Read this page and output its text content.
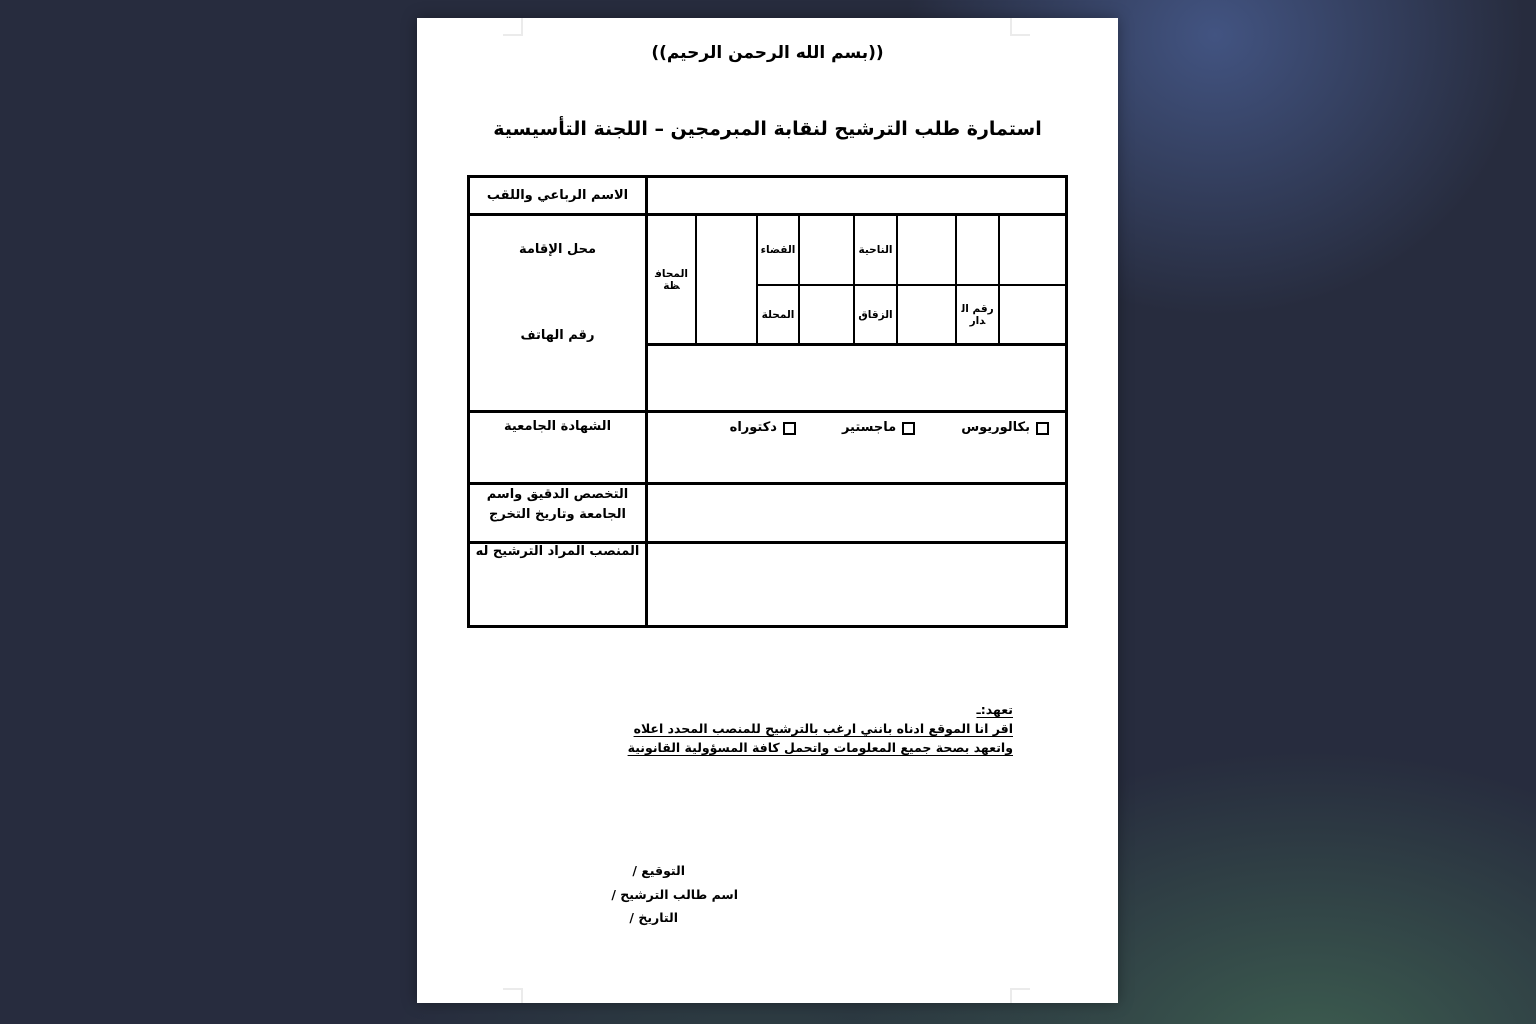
((بسم الله الرحمن الرحيم))
استمارة طلب الترشيح لنقابة المبرمجين – اللجنة التأسيسية
الاسم الرباعي واللقب
محل الإقامة
رقم الهاتف
المحافظة
القضاء
المحلة
الناحية
الزقاق	رقم الدار
الشهادة الجامعية	بكالوريوس
ماجستير
دكتوراه
التخصص الدقيق واسم الجامعة وتاريخ التخرج
المنصب المراد الترشيح له
تعهد:ـ
اقر انا الموقع ادناه بانني ارغب بالترشيح للمنصب المحدد اعلاه
واتعهد بصحة جميع المعلومات واتحمل كافة المسؤولية القانونية
التوقيع /
اسم طالب الترشيح /
التاريخ /
